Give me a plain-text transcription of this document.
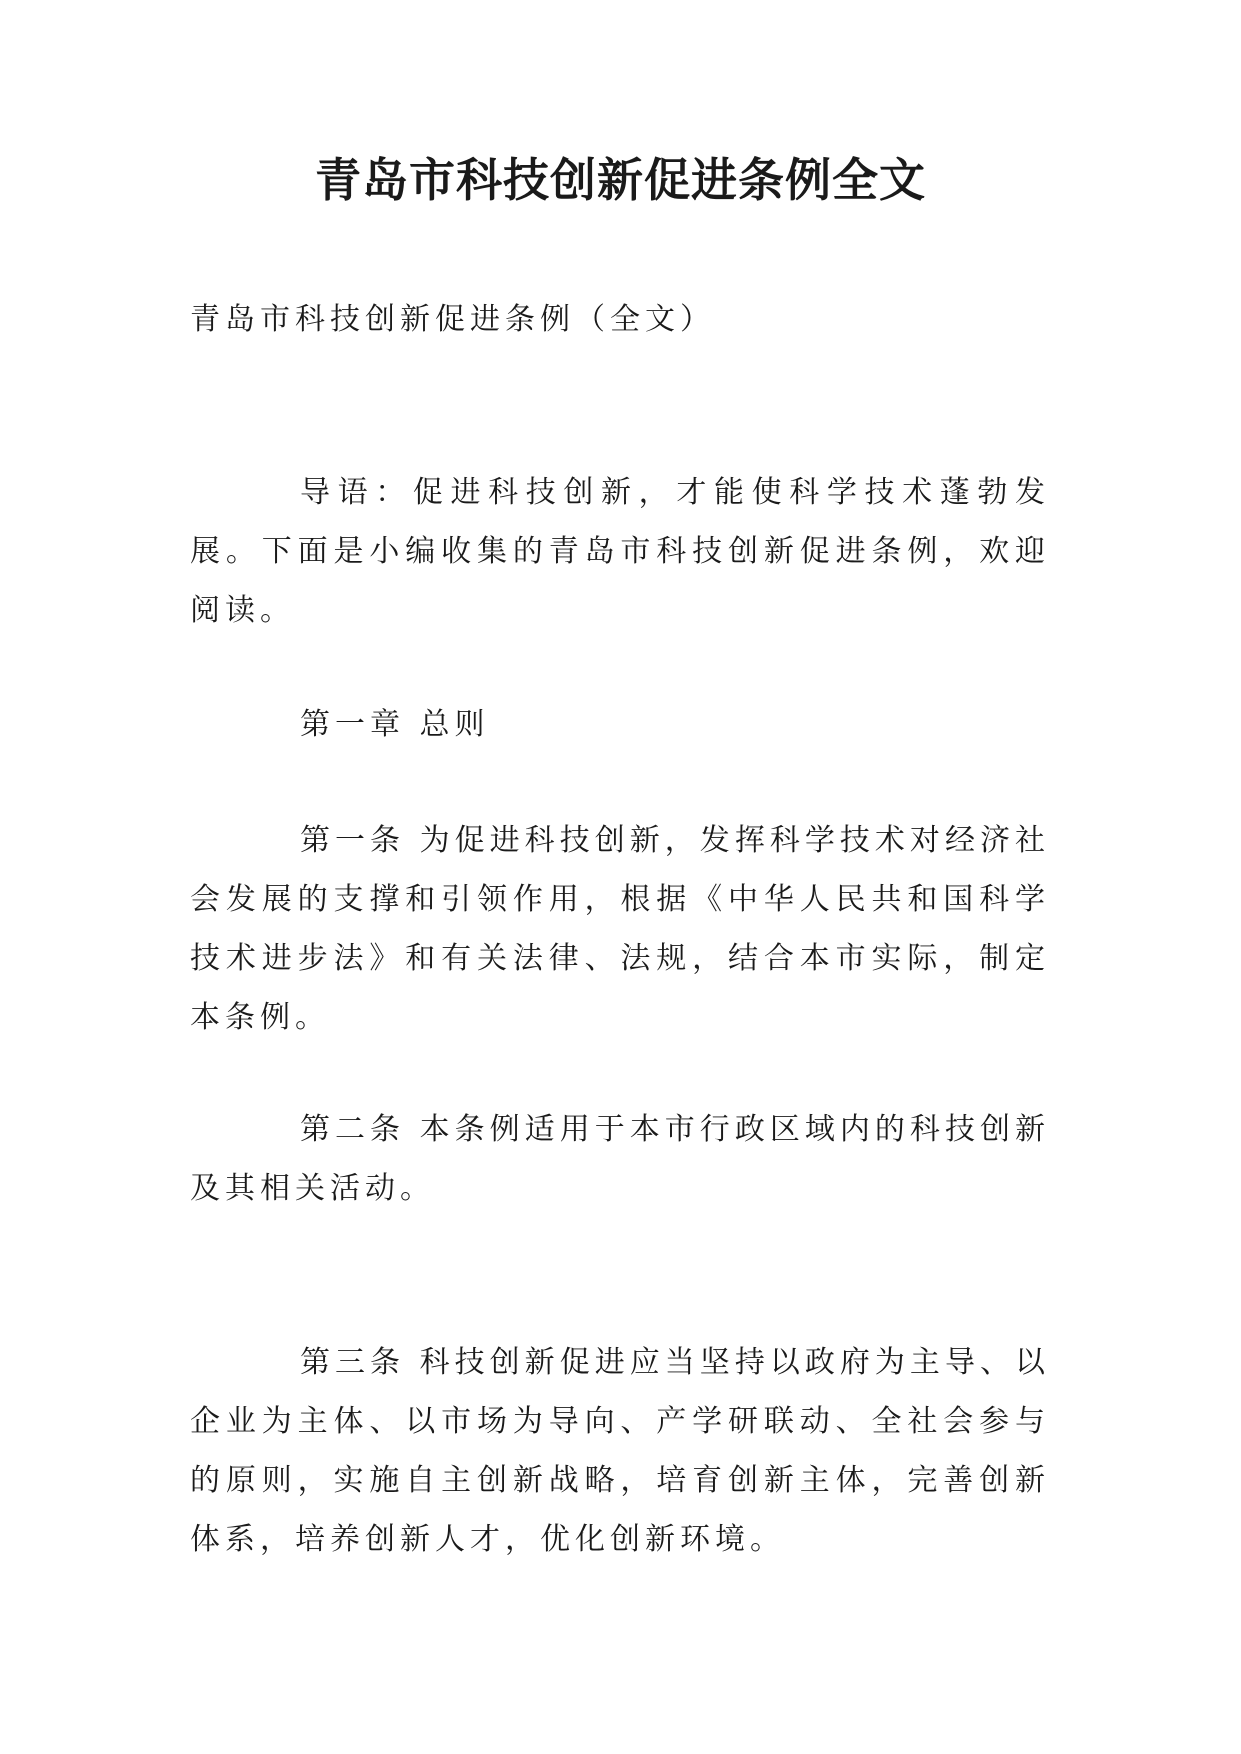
青岛市科技创新促进条例全文

青岛市科技创新促进条例（全文）

导语：促进科技创新，才能使科学技术蓬勃发展。下面是小编收集的青岛市科技创新促进条例，欢迎阅读。

第一章 总则

第一条 为促进科技创新，发挥科学技术对经济社会发展的支撑和引领作用，根据《中华人民共和国科学技术进步法》和有关法律、法规，结合本市实际，制定本条例。

第二条 本条例适用于本市行政区域内的科技创新及其相关活动。

第三条 科技创新促进应当坚持以政府为主导、以企业为主体、以市场为导向、产学研联动、全社会参与的原则，实施自主创新战略，培育创新主体，完善创新体系，培养创新人才，优化创新环境。
